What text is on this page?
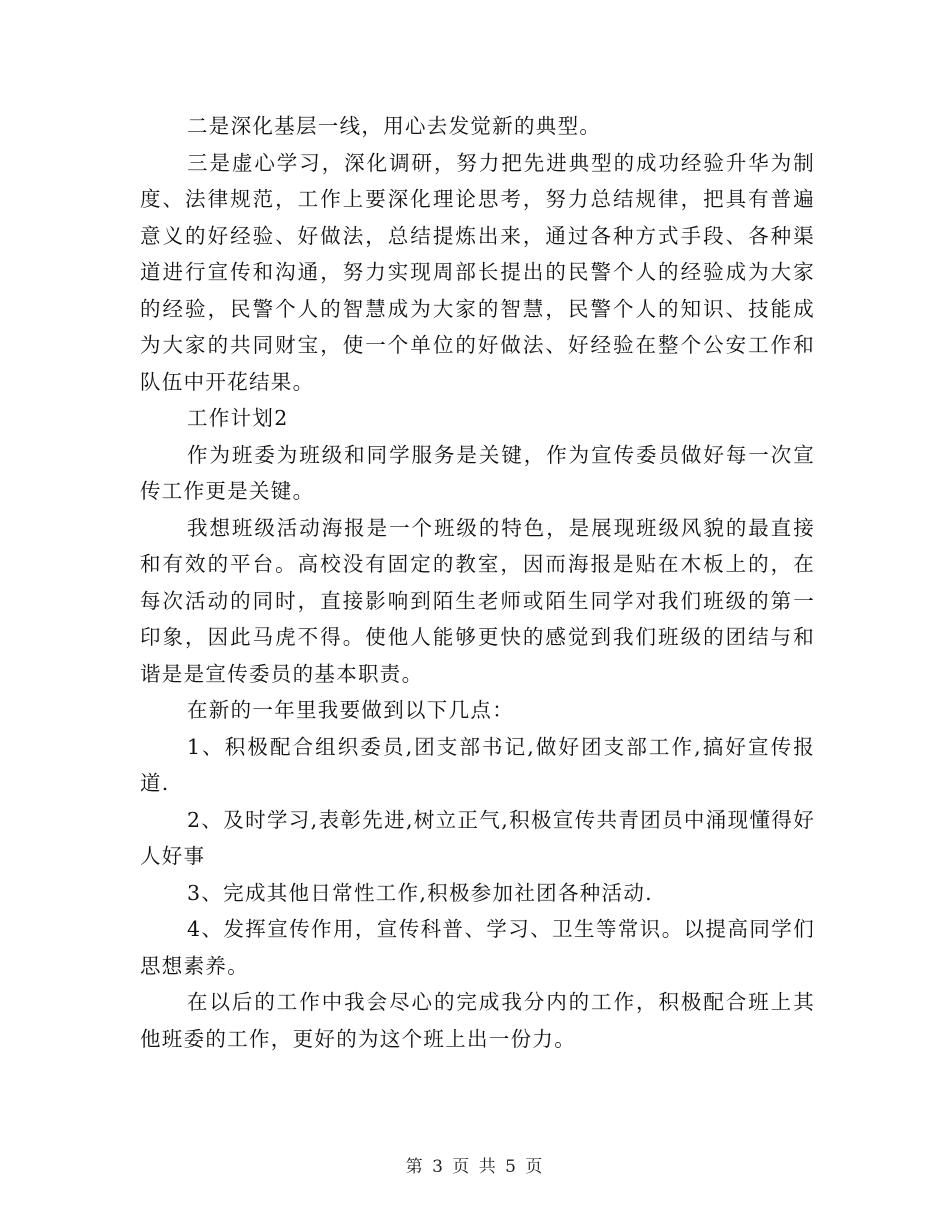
二是深化基层一线，用心去发觉新的典型。

三是虚心学习，深化调研，努力把先进典型的成功经验升华为制度、法律规范，工作上要深化理论思考，努力总结规律，把具有普遍意义的好经验、好做法，总结提炼出来，通过各种方式手段、各种渠道进行宣传和沟通，努力实现周部长提出的民警个人的经验成为大家的经验，民警个人的智慧成为大家的智慧，民警个人的知识、技能成为大家的共同财宝，使一个单位的好做法、好经验在整个公安工作和队伍中开花结果。

工作计划2

作为班委为班级和同学服务是关键，作为宣传委员做好每一次宣传工作更是关键。

我想班级活动海报是一个班级的特色，是展现班级风貌的最直接和有效的平台。高校没有固定的教室，因而海报是贴在木板上的，在每次活动的同时，直接影响到陌生老师或陌生同学对我们班级的第一印象，因此马虎不得。使他人能够更快的感觉到我们班级的团结与和谐是是宣传委员的基本职责。

在新的一年里我要做到以下几点：

1、积极配合组织委员,团支部书记,做好团支部工作,搞好宣传报道.

2、及时学习,表彰先进,树立正气,积极宣传共青团员中涌现懂得好人好事

3、完成其他日常性工作,积极参加社团各种活动.

4、发挥宣传作用，宣传科普、学习、卫生等常识。以提高同学们思想素养。

在以后的工作中我会尽心的完成我分内的工作，积极配合班上其他班委的工作，更好的为这个班上出一份力。

第 3 页 共 5 页
